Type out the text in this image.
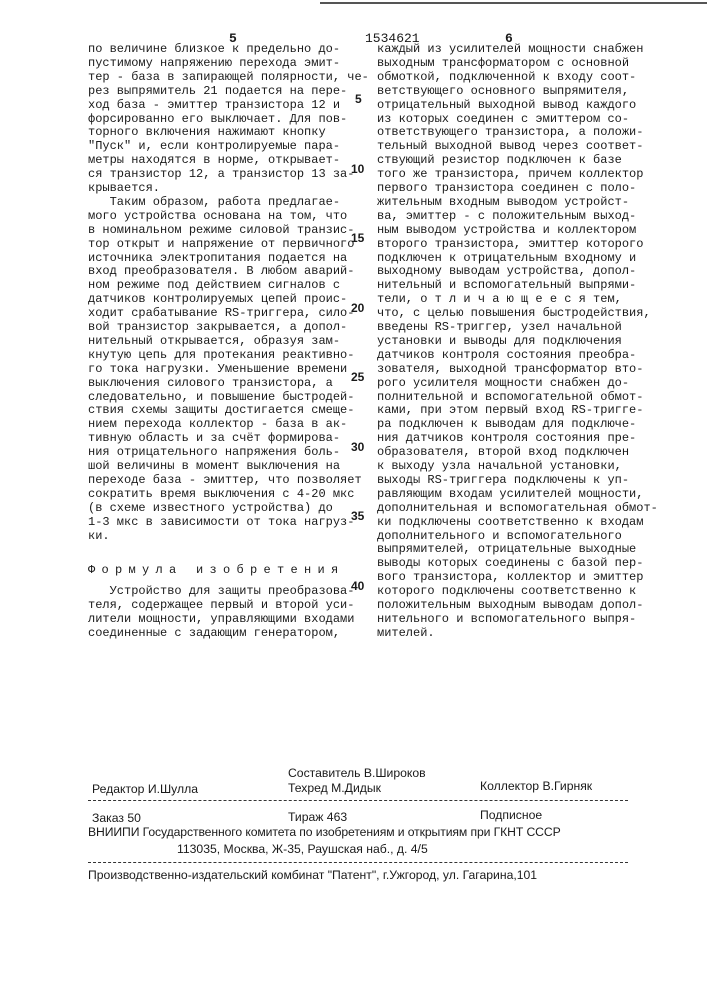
5	1534621	6
по величине близкое к предельно до-
пустимому напряжению перехода эмит-
тер - база в запирающей полярности, че-
рез выпрямитель 21 подается на пере-
ход база - эмиттер транзистора 12 и
форсированно его выключает. Для пов-
торного включения нажимают кнопку
"Пуск" и, если контролируемые пара-
метры находятся в норме, открывает-
ся транзистор 12, а транзистор 13 за-
крывается.
Таким образом, работа предлагае-
мого устройства основана на том, что
в номинальном режиме силовой транзис-
тор открыт и напряжение от первичного
источника электропитания подается на
вход преобразователя. В любом аварий-
ном режиме под действием сигналов с
датчиков контролируемых цепей проис-
ходит срабатывание RS-триггера, сило-
вой транзистор закрывается, а допол-
нительный открывается, образуя зам-
кнутую цепь для протекания реактивно-
го тока нагрузки. Уменьшение времени
выключения силового транзистора, а
следовательно, и повышение быстродей-
ствия схемы защиты достигается смеще-
нием перехода коллектор - база в ак-
тивную область и за счёт формирова-
ния отрицательного напряжения боль-
шой величины в момент выключения на
переходе база - эмиттер, что позволяет
сократить время выключения с 4-20 мкс
(в схеме известного устройства) до
1-3 мкс в зависимости от тока нагруз-
ки.
Формула изобретения
Устройство для защиты преобразова-
теля, содержащее первый и второй уси-
лители мощности, управляющими входами
соединенные с задающим генератором,
каждый из усилителей мощности снабжен
выходным трансформатором с основной
обмоткой, подключенной к входу соот-
ветствующего основного выпрямителя,
отрицательный выходной вывод каждого
из которых соединен с эмиттером со-
ответствующего транзистора, а положи-
тельный выходной вывод через соответ-
ствующий резистор подключен к базе
того же транзистора, причем коллектор
первого транзистора соединен с поло-
жительным входным выводом устройст-
ва, эмиттер - с положительным выход-
ным выводом устройства и коллектором
второго транзистора, эмиттер которого
подключен к отрицательным входному и
выходному выводам устройства, допол-
нительный и вспомогательный выпрями-
тели, о т л и ч а ю щ е е с я тем,
что, с целью повышения быстродействия,
введены RS-триггер, узел начальной
установки и выводы для подключения
датчиков контроля состояния преобра-
зователя, выходной трансформатор вто-
рого усилителя мощности снабжен до-
полнительной и вспомогательной обмот-
ками, при этом первый вход RS-тригге-
ра подключен к выводам для подключе-
ния датчиков контроля состояния пре-
образователя, второй вход подключен
к выходу узла начальной установки,
выходы RS-триггера подключены к уп-
равляющим входам усилителей мощности,
дополнительная и вспомогательная обмот-
ки подключены соответственно к входам
дополнительного и вспомогательного
выпрямителей, отрицательные выходные
выводы которых соединены с базой пер-
вого транзистора, коллектор и эмиттер
которого подключены соответственно к
положительным выходным выводам допол-
нительного и вспомогательного выпря-
мителей.
5
10
15
20
25
30
35
40
Составитель В.Широков
Редактор И.Шулла	Техред М.Дидык	Коллектор В.Гирняк
Заказ 50	Тираж 463	Подписное
ВНИИПИ Государственного комитета по изобретениям и открытиям при ГКНТ СССР
113035, Москва, Ж-35, Раушская наб., д. 4/5
Производственно-издательский комбинат "Патент", г.Ужгород, ул. Гагарина,101
